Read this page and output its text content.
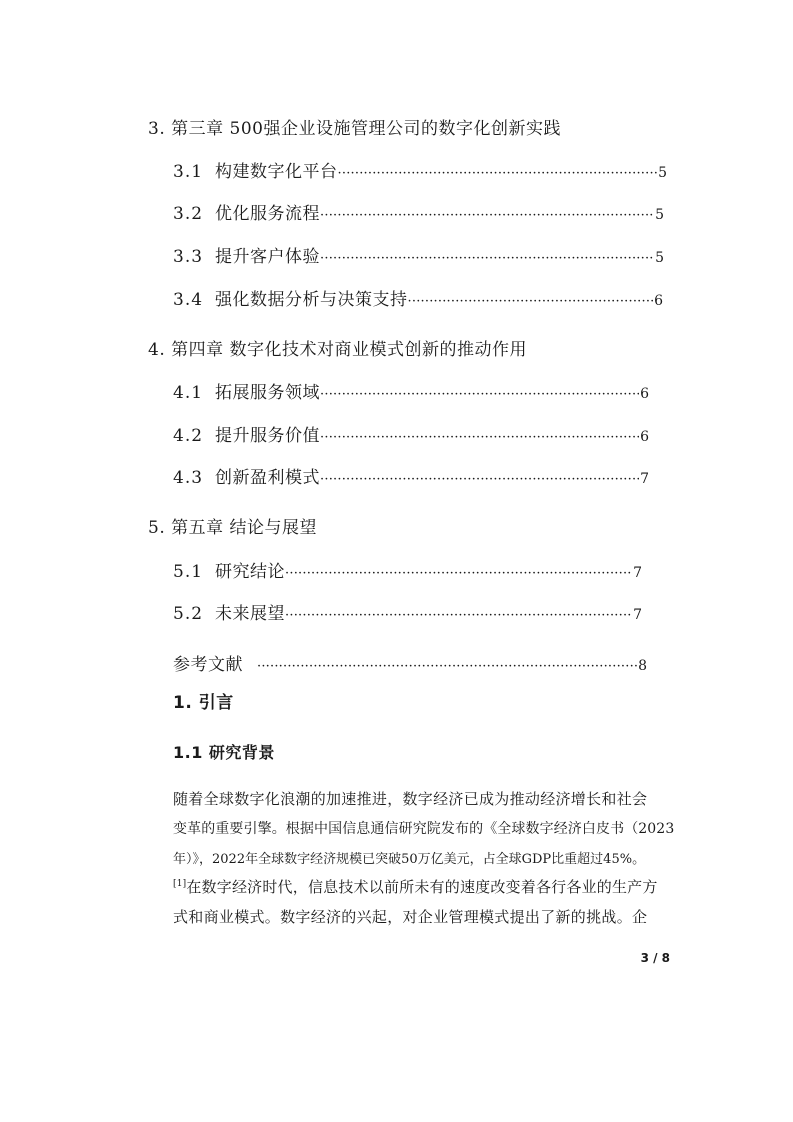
3. 第三章 500强企业设施管理公司的数字化创新实践
3.1 构建数字化平台 ·····	5
3.2 优化服务流程 ·····	5
3.3 提升客户体验 ·····	5
3.4 强化数据分析与决策支持 ·····	6
4. 第四章 数字化技术对商业模式创新的推动作用
4.1 拓展服务领域 ·····	6
4.2 提升服务价值 ·····	6
4.3 创新盈利模式 ·····	7
5. 第五章 结论与展望
5.1 研究结论 ·····	7
5.2 未来展望 ·····	7
参考文献 ·····	8
1. 引言
1.1 研究背景
随着全球数字化浪潮的加速推进，数字经济已成为推动经济增长和社会
变革的重要引擎。根据中国信息通信研究院发布的《全球数字经济白皮书（2023
年）》，2022年全球数字经济规模已突破50万亿美元，占全球GDP比重超过45%。
[1]在数字经济时代，信息技术以前所未有的速度改变着各行各业的生产方
式和商业模式。数字经济的兴起，对企业管理模式提出了新的挑战。企
3 / 8
